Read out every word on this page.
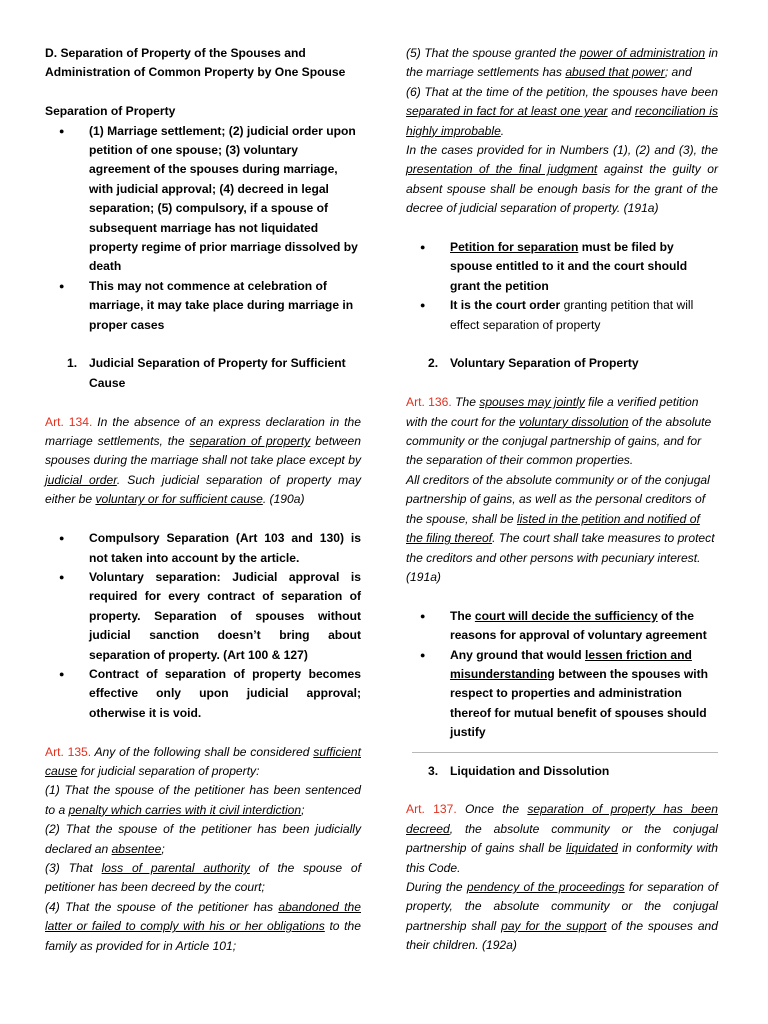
D. Separation of Property of the Spouses and Administration of Common Property by One Spouse

Separation of Property

● (1) Marriage settlement; (2) judicial order upon petition of one spouse; (3) voluntary agreement of the spouses during marriage, with judicial approval; (4) decreed in legal separation; (5) compulsory, if a spouse of subsequent marriage has not liquidated property regime of prior marriage dissolved by death
● This may not commence at celebration of marriage, it may take place during marriage in proper cases
1. Judicial Separation of Property for Sufficient Cause

Art. 134. In the absence of an express declaration in the marriage settlements, the separation of property between spouses during the marriage shall not take place except by judicial order. Such judicial separation of property may either be voluntary or for sufficient cause. (190a)

● Compulsory Separation (Art 103 and 130) is not taken into account by the article.
● Voluntary separation: Judicial approval is required for every contract of separation of property. Separation of spouses without judicial sanction doesn’t bring about separation of property. (Art 100 & 127)
● Contract of separation of property becomes effective only upon judicial approval; otherwise it is void.

Art. 135. Any of the following shall be considered sufficient cause for judicial separation of property:

(1) That the spouse of the petitioner has been sentenced to a penalty which carries with it civil interdiction;

(2) That the spouse of the petitioner has been judicially declared an absentee;

(3) That loss of parental authority of the spouse of petitioner has been decreed by the court;

(4) That the spouse of the petitioner has abandoned the latter or failed to comply with his or her obligations to the family as provided for in Article 101;

(5) That the spouse granted the power of administration in the marriage settlements has abused that power; and

(6) That at the time of the petition, the spouses have been separated in fact for at least one year and reconciliation is highly improbable.

In the cases provided for in Numbers (1), (2) and (3), the presentation of the final judgment against the guilty or absent spouse shall be enough basis for the grant of the decree of judicial separation of property. (191a)

● Petition for separation must be filed by spouse entitled to it and the court should grant the petition
● It is the court order granting petition that will effect separation of property
2. Voluntary Separation of Property

Art. 136. The spouses may jointly file a verified petition with the court for the voluntary dissolution of the absolute community or the conjugal partnership of gains, and for the separation of their common properties.

All creditors of the absolute community or of the conjugal partnership of gains, as well as the personal creditors of the spouse, shall be listed in the petition and notified of the filing thereof. The court shall take measures to protect the creditors and other persons with pecuniary interest. (191a)

● The court will decide the sufficiency of the reasons for approval of voluntary agreement
● Any ground that would lessen friction and misunderstanding between the spouses with respect to properties and administration thereof for mutual benefit of spouses should justify
3. Liquidation and Dissolution

Art. 137. Once the separation of property has been decreed, the absolute community or the conjugal partnership of gains shall be liquidated in conformity with this Code.

During the pendency of the proceedings for separation of property, the absolute community or the conjugal partnership shall pay for the support of the spouses and their children. (192a)
